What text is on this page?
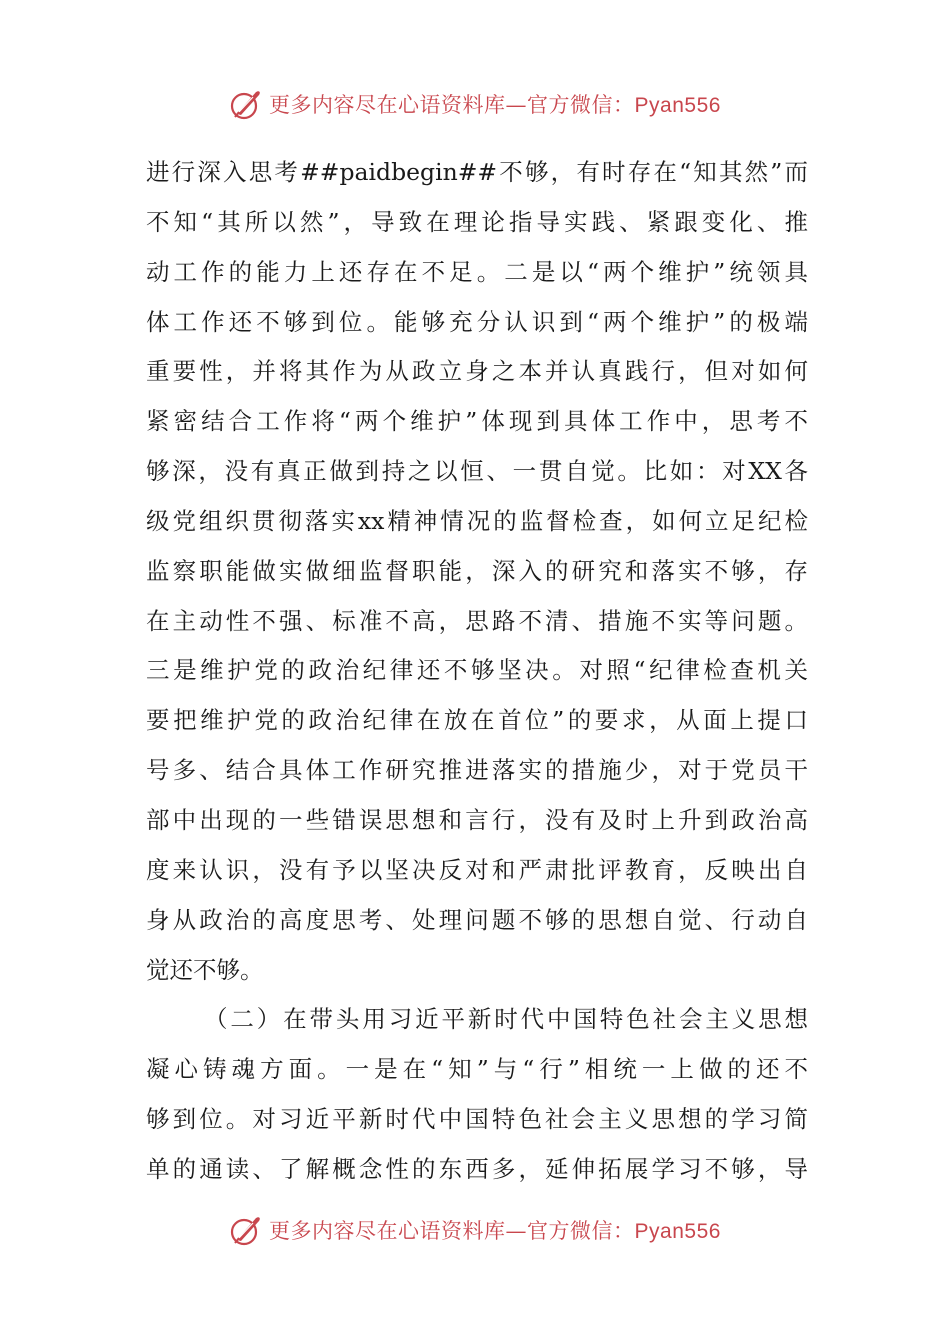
更多内容尽在心语资料库—官方微信：Pyan556
进行深入思考##paidbegin##不够，有时存在“知其然”而
不知“其所以然”，导致在理论指导实践、紧跟变化、推
动工作的能力上还存在不足。二是以“两个维护”统领具
体工作还不够到位。能够充分认识到“两个维护”的极端
重要性，并将其作为从政立身之本并认真践行，但对如何
紧密结合工作将“两个维护”体现到具体工作中，思考不
够深，没有真正做到持之以恒、一贯自觉。比如：对XX各
级党组织贯彻落实xx精神情况的监督检查，如何立足纪检
监察职能做实做细监督职能，深入的研究和落实不够，存
在主动性不强、标准不高，思路不清、措施不实等问题。
三是维护党的政治纪律还不够坚决。对照“纪律检查机关
要把维护党的政治纪律在放在首位”的要求，从面上提口
号多、结合具体工作研究推进落实的措施少，对于党员干
部中出现的一些错误思想和言行，没有及时上升到政治高
度来认识，没有予以坚决反对和严肃批评教育，反映出自
身从政治的高度思考、处理问题不够的思想自觉、行动自
觉还不够。
（二）在带头用习近平新时代中国特色社会主义思想
凝心铸魂方面。一是在“知”与“行”相统一上做的还不
够到位。对习近平新时代中国特色社会主义思想的学习简
单的通读、了解概念性的东西多，延伸拓展学习不够，导
更多内容尽在心语资料库—官方微信：Pyan556
